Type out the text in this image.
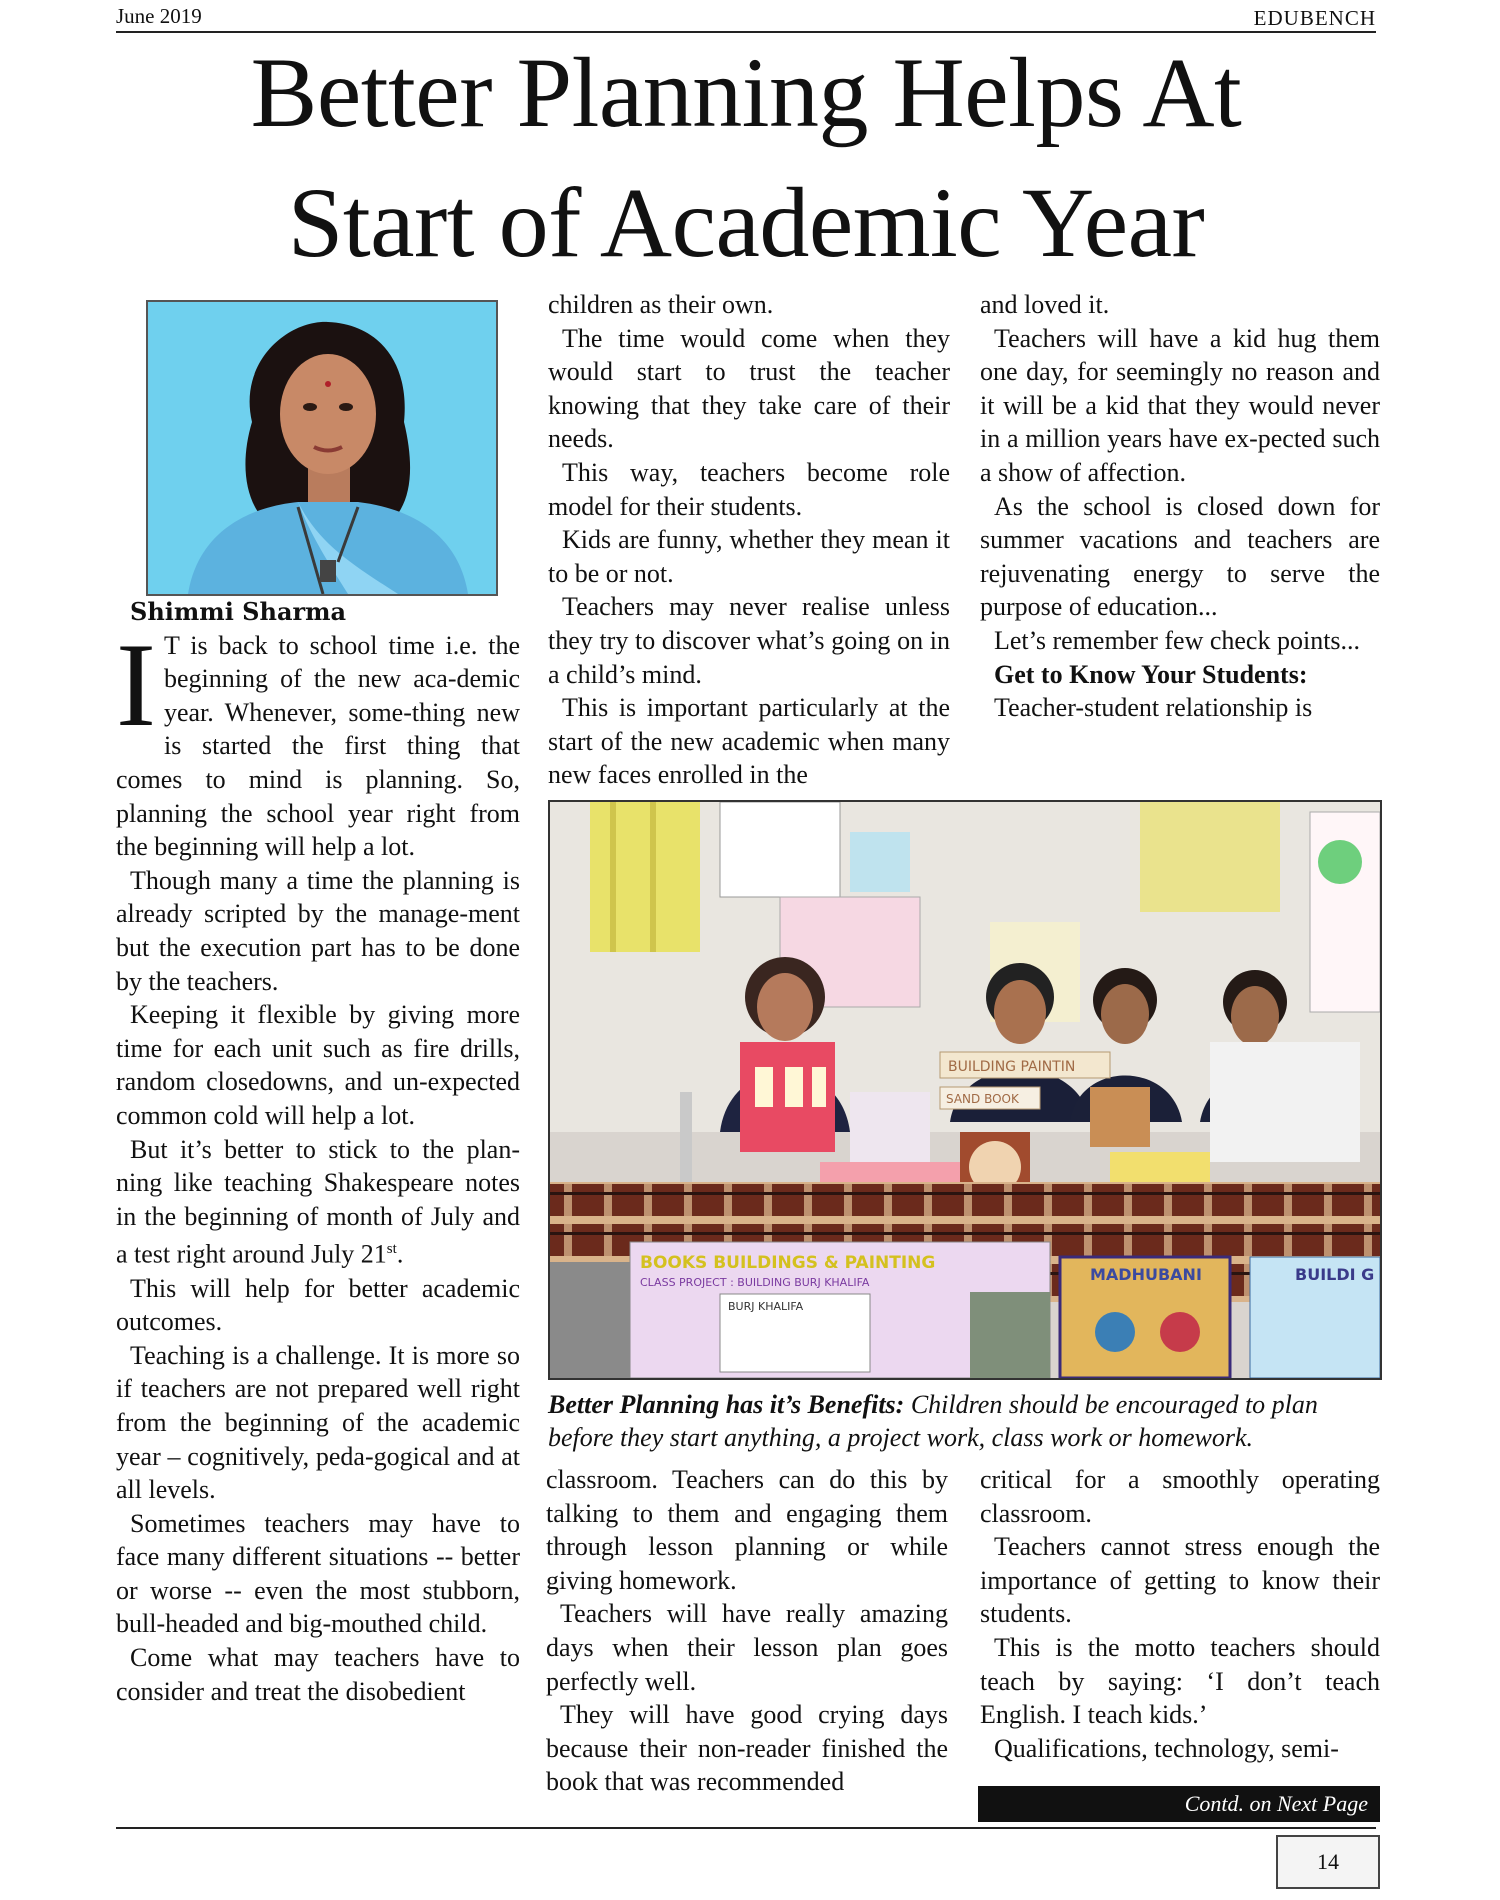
June 2019	EDUBENCH
Better Planning Helps At
Start of Academic Year

Shimmi Sharma

I T is back to school time i.e. the beginning of the new aca-demic year. Whenever, some-thing new is started the first thing that comes to mind is planning. So, planning the school year right from the beginning will help a lot.

Though many a time the planning is already scripted by the manage-ment but the execution part has to be done by the teachers.

Keeping it flexible by giving more time for each unit such as fire drills, random closedowns, and un-expected common cold will help a lot.

But it’s better to stick to the plan-ning like teaching Shakespeare notes in the beginning of month of July and a test right around July 21st.

This will help for better academic outcomes.

Teaching is a challenge. It is more so if teachers are not prepared well right from the beginning of the academic year – cognitively, peda-gogical and at all levels.

Sometimes teachers may have to face many different situations -- better or worse -- even the most stubborn, bull-headed and big-mouthed child.

Come what may teachers have to consider and treat the disobedient

children as their own.

The time would come when they would start to trust the teacher knowing that they take care of their needs.

This way, teachers become role model for their students.

Kids are funny, whether they mean it to be or not.

Teachers may never realise unless they try to discover what’s going on in a child’s mind.

This is important particularly at the start of the new academic when many new faces enrolled in the

and loved it.

Teachers will have a kid hug them one day, for seemingly no reason and it will be a kid that they would never in a million years have ex-pected such a show of affection.

As the school is closed down for summer vacations and teachers are rejuvenating energy to serve the purpose of education...

Let’s remember few check points...

Get to Know Your Students:

Teacher-student relationship is

BUILDING PAINTIN
SAND BOOK
BOOKS BUILDINGS & PAINTING
CLASS PROJECT : BUILDING BURJ KHALIFA
BURJ KHALIFA
MADHUBANI	BUILDI G
Better Planning has it’s Benefits: Children should be encouraged to plan before they start anything, a project work, class work or homework.

classroom. Teachers can do this by talking to them and engaging them through lesson planning or while giving homework.

Teachers will have really amazing days when their lesson plan goes perfectly well.

They will have good crying days because their non-reader finished the book that was recommended

critical for a smoothly operating classroom.

Teachers cannot stress enough the importance of getting to know their students.

This is the motto teachers should teach by saying: ‘I don’t teach English. I teach kids.’

Qualifications, technology, semi-

Contd. on Next Page
14
